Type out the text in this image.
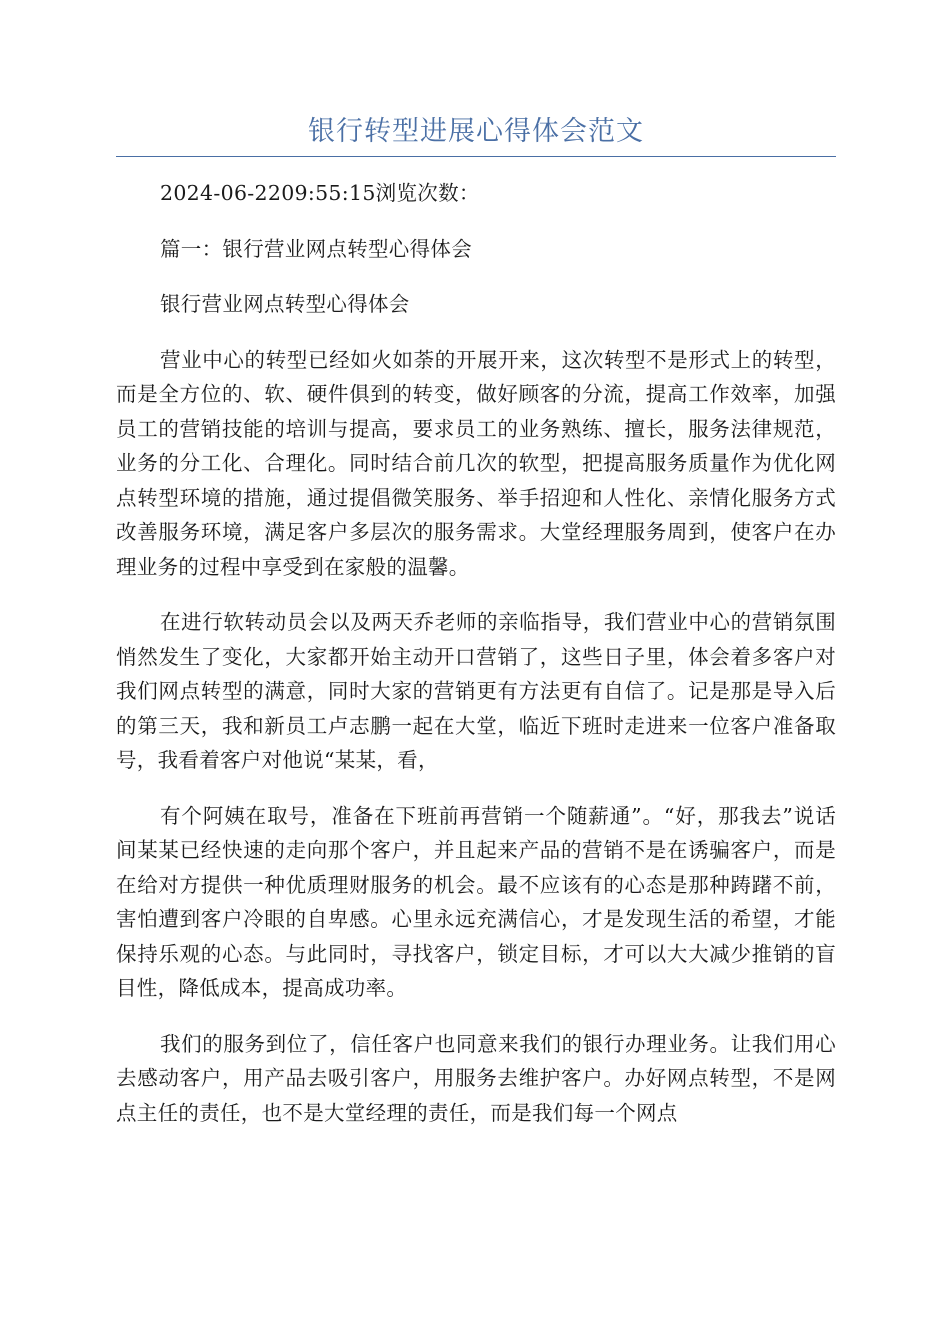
银行转型进展心得体会范文

2024-06-2209:55:15浏览次数：

篇一：银行营业网点转型心得体会

银行营业网点转型心得体会

营业中心的转型已经如火如荼的开展开来，这次转型不是形式上的转型，而是全方位的、软、硬件俱到的转变，做好顾客的分流，提高工作效率，加强员工的营销技能的培训与提高，要求员工的业务熟练、擅长，服务法律规范，业务的分工化、合理化。同时结合前几次的软型，把提高服务质量作为优化网点转型环境的措施，通过提倡微笑服务、举手招迎和人性化、亲情化服务方式改善服务环境，满足客户多层次的服务需求。大堂经理服务周到，使客户在办理业务的过程中享受到在家般的温馨。

在进行软转动员会以及两天乔老师的亲临指导，我们营业中心的营销氛围悄然发生了变化，大家都开始主动开口营销了，这些日子里，体会着多客户对我们网点转型的满意，同时大家的营销更有方法更有自信了。记是那是导入后的第三天，我和新员工卢志鹏一起在大堂，临近下班时走进来一位客户准备取号，我看着客户对他说“某某，看，

有个阿姨在取号，准备在下班前再营销一个随薪通”。“好，那我去”说话间某某已经快速的走向那个客户，并且起来产品的营销不是在诱骗客户，而是在给对方提供一种优质理财服务的机会。最不应该有的心态是那种踌躇不前，害怕遭到客户冷眼的自卑感。心里永远充满信心，才是发现生活的希望，才能保持乐观的心态。与此同时，寻找客户，锁定目标，才可以大大减少推销的盲目性，降低成本，提高成功率。

我们的服务到位了，信任客户也同意来我们的银行办理业务。让我们用心去感动客户，用产品去吸引客户，用服务去维护客户。办好网点转型，不是网点主任的责任，也不是大堂经理的责任，而是我们每一个网点
